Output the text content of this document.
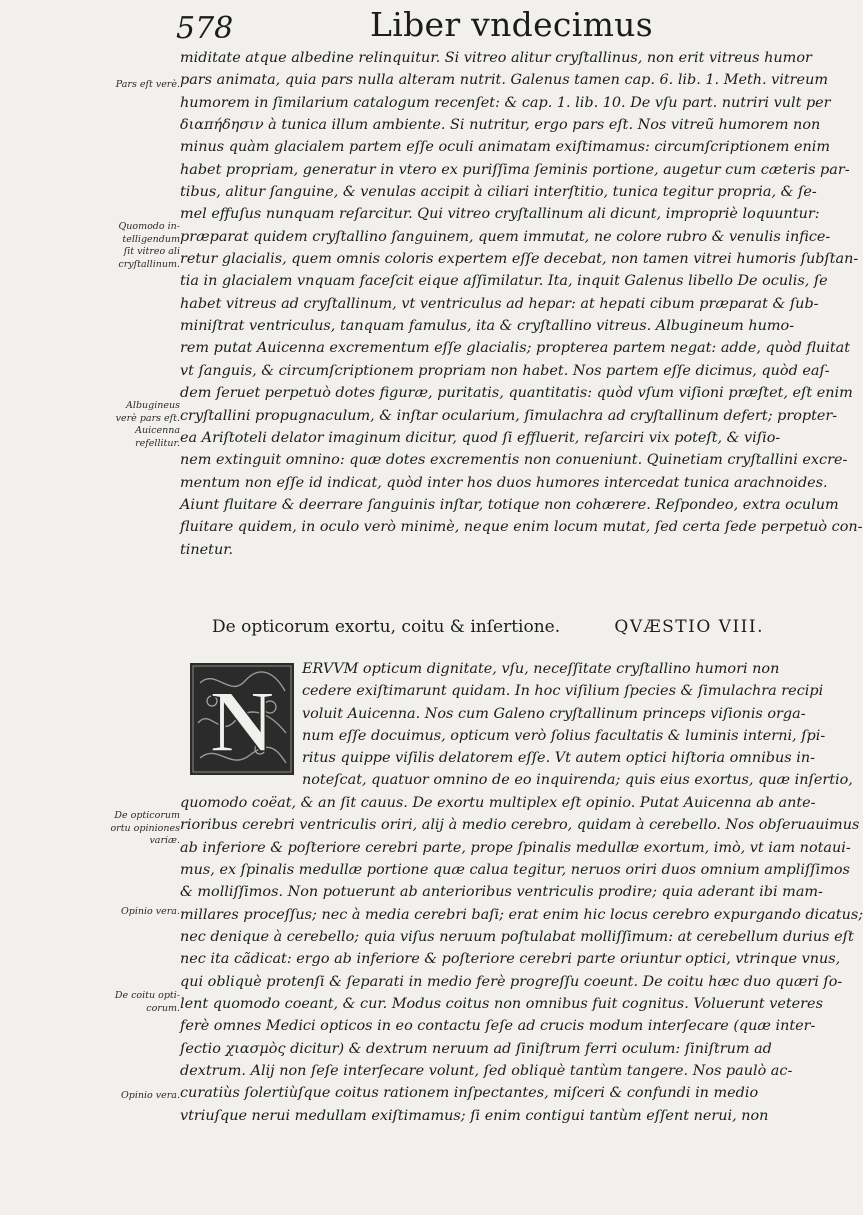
578	Liber vndecimus
miditate atque albedine relinquitur. Si vitreo alitur cryſtallinus, non erit vitreus humor
pars animata, quia pars nulla alteram nutrit. Galenus tamen cap. 6. lib. 1. Meth. vitreum
humorem in ſimilarium catalogum recenſet: & cap. 1. lib. 10. De vſu part. nutriri vult per
διαπήδησιν à tunica illum ambiente. Si nutritur, ergo pars eſt. Nos vitreũ humorem non
minus quàm glacialem partem eſſe oculi animatam exiſtimamus: circumſcriptionem enim
habet propriam, generatur in vtero ex puriſſima ſeminis portione, augetur cum cæteris par-
tibus, alitur ſanguine, & venulas accipit à ciliari interſtitio, tunica tegitur propria, & ſe-
mel effuſus nunquam reſarcitur. Qui vitreo cryſtallinum ali dicunt, impropriè loquuntur:
præparat quidem cryſtallino ſanguinem, quem immutat, ne colore rubro & venulis infice-
retur glacialis, quem omnis coloris expertem eſſe decebat, non tamen vitrei humoris ſubſtan-
tia in glacialem vnquam faceſcit eique aſſimilatur. Ita, inquit Galenus libello De oculis, ſe
habet vitreus ad cryſtallinum, vt ventriculus ad hepar: at hepati cibum præparat & ſub-
miniſtrat ventriculus, tanquam famulus, ita & cryſtallino vitreus. Albugineum humo-
rem putat Auicenna excrementum eſſe glacialis; propterea partem negat: adde, quòd fluitat
vt ſanguis, & circumſcriptionem propriam non habet. Nos partem eſſe dicimus, quòd eaſ-
dem ſeruet perpetuò dotes figuræ, puritatis, quantitatis: quòd vſum viſioni præſtet, eſt enim
cryſtallini propugnaculum, & inſtar ocularium, ſimulachra ad cryſtallinum defert; propter-
ea Ariſtoteli delator imaginum dicitur, quod ſi effluerit, reſarciri vix poteſt, & viſio-
nem extinguit omnino: quæ dotes excrementis non conueniunt. Quinetiam cryſtallini excre-
mentum non eſſe id indicat, quòd inter hos duos humores intercedat tunica arachnoides.
Aiunt fluitare & deerrare ſanguinis inſtar, totique non cohærere. Reſpondeo, extra oculum
fluitare quidem, in oculo verò minimè, neque enim locum mutat, ſed certa ſede perpetuò con-
tinetur.
Pars eſt verè.
Quomodo in-
telligendum
ſit vitreo ali
cryſtallinum.
Albugineus
verè pars eſt.
Auicenna
refellitur.
De opticorum exortu, coitu & inſertione.	QVÆSTIO VIII.
N
ERVVM opticum dignitate, vſu, neceſſitate cryſtallino humori non
cedere exiſtimarunt quidam. In hoc viſilium ſpecies & ſimulachra recipi
voluit Auicenna. Nos cum Galeno cryſtallinum princeps viſionis orga-
num eſſe docuimus, opticum verò ſolius facultatis & luminis interni, ſpi-
ritus quippe viſilis delatorem eſſe. Vt autem optici hiſtoria omnibus in-
noteſcat, quatuor omnino de eo inquirenda; quis eius exortus, quæ inſertio,
quomodo coëat, & an ſit cauus. De exortu multiplex eſt opinio. Putat Auicenna ab ante-
rioribus cerebri ventriculis oriri, alij à medio cerebro, quidam à cerebello. Nos obſeruauimus
ab inferiore & poſteriore cerebri parte, prope ſpinalis medullæ exortum, imò, vt iam notaui-
mus, ex ſpinalis medullæ portione quæ calua tegitur, neruos oriri duos omnium ampliſſimos
& molliſſimos. Non potuerunt ab anterioribus ventriculis prodire; quia aderant ibi mam-
millares proceſſus; nec à media cerebri baſi; erat enim hic locus cerebro expurgando dicatus;
nec denique à cerebello; quia viſus neruum poſtulabat molliſſimum: at cerebellum durius eſt
nec ita cãdicat: ergo ab inferiore & poſteriore cerebri parte oriuntur optici, vtrinque vnus,
qui obliquè protenſi & ſeparati in medio ferè progreſſu coeunt. De coitu hæc duo quæri ſo-
lent quomodo coeant, & cur. Modus coitus non omnibus fuit cognitus. Voluerunt veteres
ferè omnes Medici opticos in eo contactu ſeſe ad crucis modum interſecare (quæ inter-
ſectio χιασμὸς dicitur) & dextrum neruum ad ſiniſtrum ferri oculum: ſiniſtrum ad
dextrum. Alij non ſeſe interſecare volunt, ſed obliquè tantùm tangere. Nos paulò ac-
curatiùs ſolertiùſque coitus rationem inſpectantes, miſceri & confundi in medio
vtriuſque nerui medullam exiſtimamus; ſi enim contigui tantùm eſſent nerui, non
De opticorum
ortu opiniones
variæ.
Opinio vera.
De coitu opti-
corum.
Opinio vera.
